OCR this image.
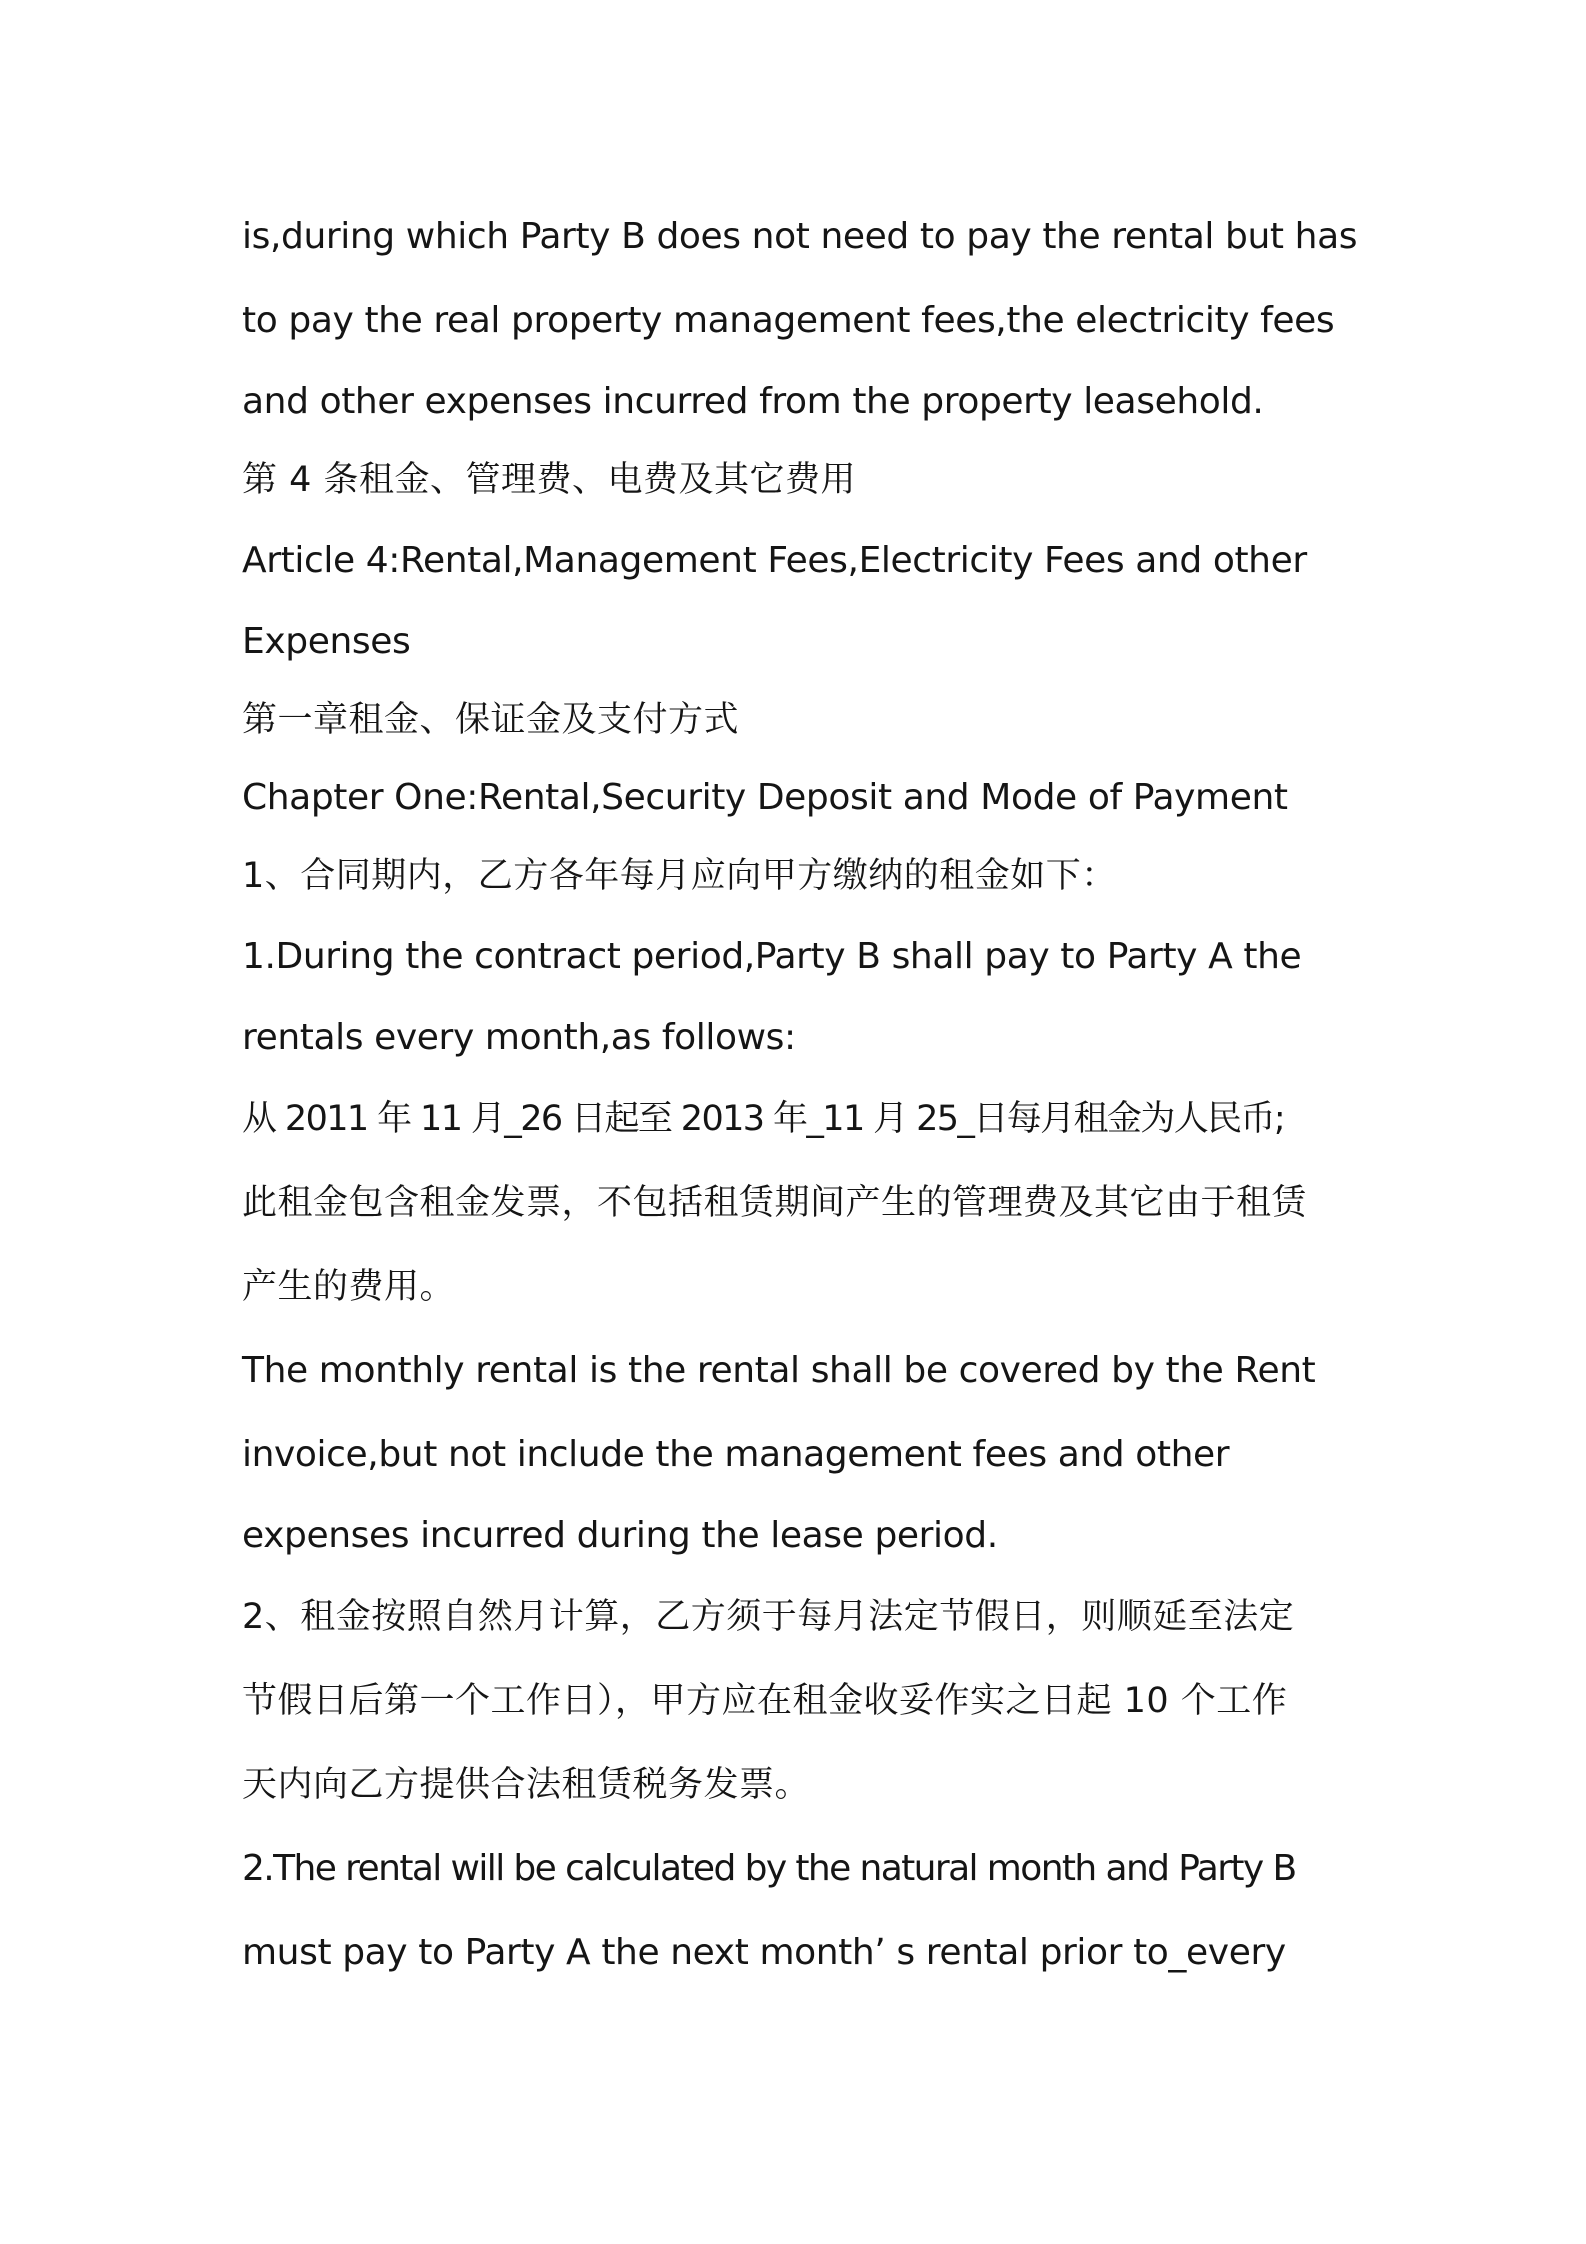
is,during which Party B does not need to pay the rental but has

to pay the real property management fees,the electricity fees

and other expenses incurred from the property leasehold.

第 4 条租金、管理费、电费及其它费用

Article 4:Rental,Management Fees,Electricity Fees and other

Expenses

第一章租金、保证金及支付方式

Chapter One:Rental,Security Deposit and Mode of Payment

1、合同期内，乙方各年每月应向甲方缴纳的租金如下：

1.During the contract period,Party B shall pay to Party A the

rentals every month,as follows:

从 2011 年 11 月_26 日起至 2013 年_11 月 25_日每月租金为人民币;

此租金包含租金发票，不包括租赁期间产生的管理费及其它由于租赁

产生的费用。

The monthly rental is the rental shall be covered by the Rent

invoice,but not include the management fees and other

expenses incurred during the lease period.

2、租金按照自然月计算，乙方须于每月法定节假日，则顺延至法定

节假日后第一个工作日），甲方应在租金收妥作实之日起 10 个工作

天内向乙方提供合法租赁税务发票。

2.The rental will be calculated by the natural month and Party B

must pay to Party A the next month’ s rental prior to_every
